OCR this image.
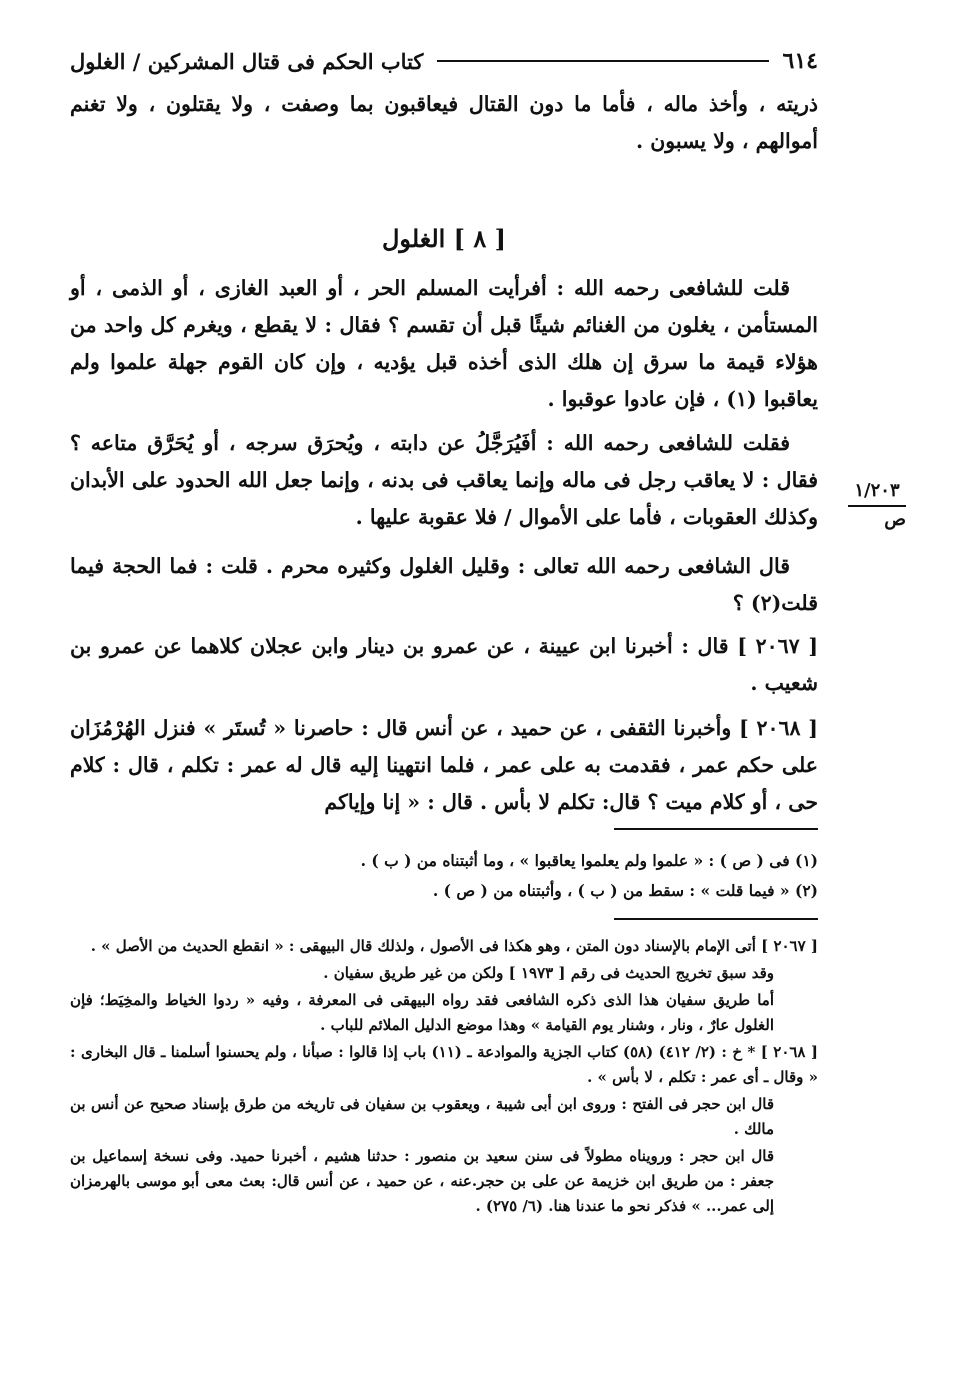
٦١٤
كتاب الحكم فى قتال المشركين / الغلول
ذريته ، وأخذ ماله ، فأما ما دون القتال فيعاقبون بما وصفت ، ولا يقتلون ، ولا تغنم أموالهم ، ولا يسبون .
[ ٨ ] الغلول
قلت للشافعى رحمه الله : أفرأيت المسلم الحر ، أو العبد الغازى ، أو الذمى ، أو المستأمن ، يغلون من الغنائم شيئًا قبل أن تقسم ؟ فقال : لا يقطع ، ويغرم كل واحد من هؤلاء قيمة ما سرق إن هلك الذى أخذه قبل يؤديه ، وإن كان القوم جهلة علموا ولم يعاقبوا (١) ، فإن عادوا عوقبوا .
فقلت للشافعى رحمه الله : أفَيُرَجَّلُ عن دابته ، ويُحرَق سرجه ، أو يُحَرَّق متاعه ؟ فقال : لا يعاقب رجل فى ماله وإنما يعاقب فى بدنه ، وإنما جعل الله الحدود على الأبدان وكذلك العقوبات ، فأما على الأموال / فلا عقوبة عليها .
قال الشافعى رحمه الله تعالى : وقليل الغلول وكثيره محرم . قلت : فما الحجة فيما قلت(٢) ؟
[ ٢٠٦٧ ] قال : أخبرنا ابن عيينة ، عن عمرو بن دينار وابن عجلان كلاهما عن عمرو بن شعيب .
[ ٢٠٦٨ ] وأخبرنا الثقفى ، عن حميد ، عن أنس قال : حاصرنا « تُستَر » فنزل الهُرْمُزَان على حكم عمر ، فقدمت به على عمر ، فلما انتهينا إليه قال له عمر : تكلم ، قال : كلام حى ، أو كلام ميت ؟ قال: تكلم لا بأس . قال : « إنا وإياكم
١/٢٠٣
ص
(١) فى ( ص ) : « علموا ولم يعلموا يعاقبوا » ، وما أثبتناه من ( ب ) .
(٢) « فيما قلت » : سقط من ( ب ) ، وأثبتناه من ( ص ) .
[ ٢٠٦٧ ] أتى الإمام بالإسناد دون المتن ، وهو هكذا فى الأصول ، ولذلك قال البيهقى : « انقطع الحديث من الأصل » .
وقد سبق تخريج الحديث فى رقم [ ١٩٧٣ ] ولكن من غير طريق سفيان .
أما طريق سفيان هذا الذى ذكره الشافعى فقد رواه البيهقى فى المعرفة ، وفيه « ردوا الخياط والمخِيَط؛ فإن الغلول عارٌ ، ونار ، وشنار يوم القيامة » وهذا موضع الدليل الملائم للباب .
[ ٢٠٦٨ ] * خ : (٢/ ٤١٢) (٥٨) كتاب الجزية والموادعة ـ (١١) باب إذا قالوا : صبأنا ، ولم يحسنوا أسلمنا ـ قال البخارى : « وقال ـ أى عمر : تكلم ، لا بأس » .
قال ابن حجر فى الفتح : وروى ابن أبى شيبة ، ويعقوب بن سفيان فى تاريخه من طرق بإسناد صحيح عن أنس بن مالك .
قال ابن حجر : ورويناه مطولاً فى سنن سعيد بن منصور : حدثنا هشيم ، أخبرنا حميد. وفى نسخة إسماعيل بن جعفر : من طريق ابن خزيمة عن على بن حجر.عنه ، عن حميد ، عن أنس قال: بعث معى أبو موسى بالهرمزان إلى عمر... » فذكر نحو ما عندنا هنا. (٦/ ٢٧٥) .
